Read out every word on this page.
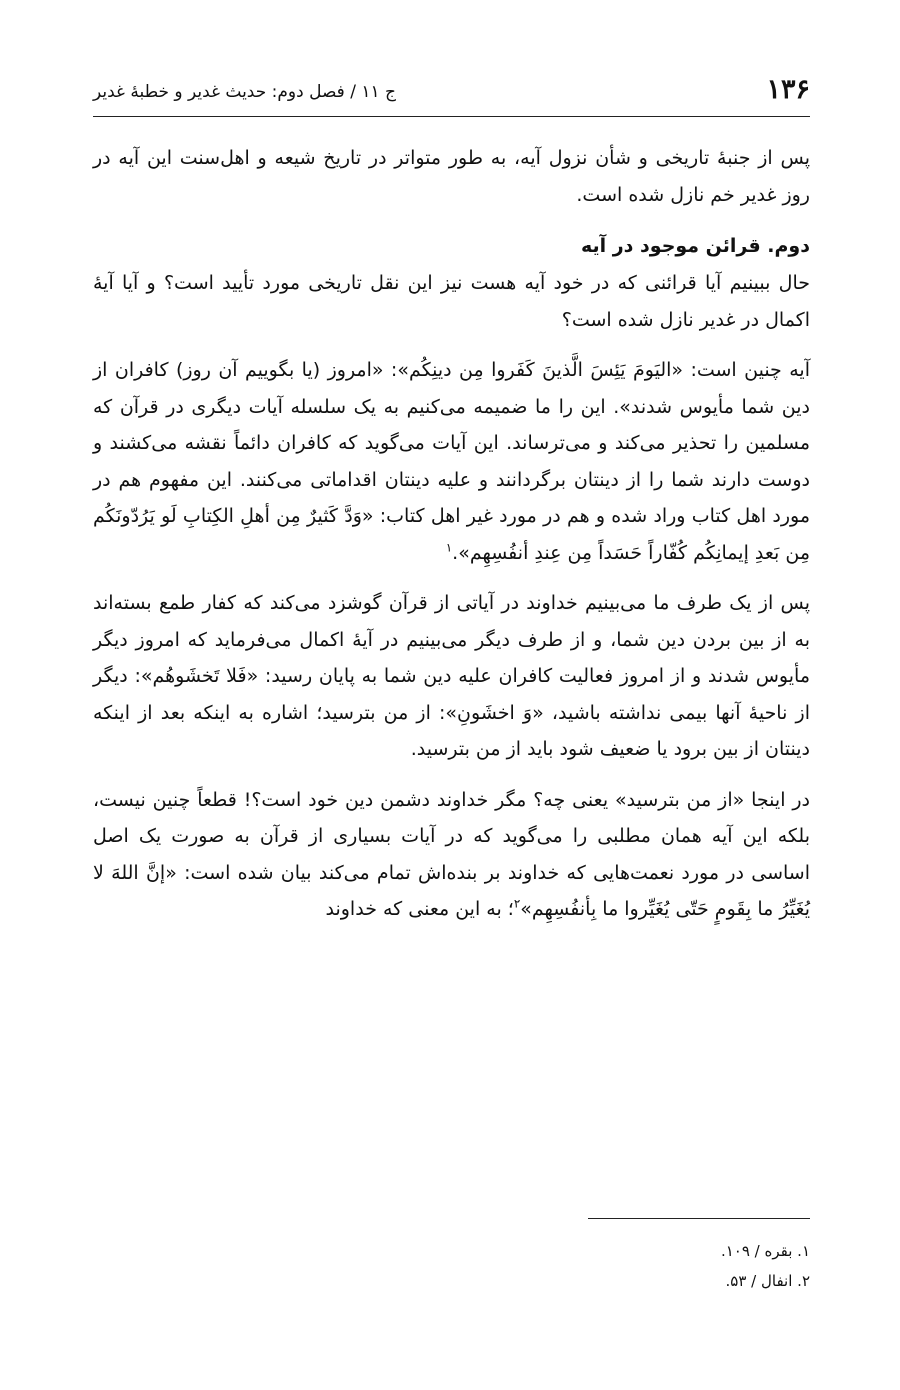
۱۳۶
ج ۱۱ / فصل دوم: حدیث غدیر و خطبهٔ غدیر

پس از جنبهٔ تاریخی و شأن نزول آیه، به طور متواتر در تاریخ شیعه و اهل‌سنت این آیه در روز غدیر خم نازل شده است.

دوم. قرائن موجود در آیه

حال ببینیم آیا قرائنی که در خود آیه هست نیز این نقل تاریخی مورد تأیید است؟ و آیا آیهٔ اکمال در غدیر نازل شده است؟

آیه چنین است: «الیَومَ یَئِسَ الَّذینَ کَفَروا مِن دینِکُم»: «امروز (یا بگوییم آن روز) کافران از دین شما مأیوس شدند». این را ما ضمیمه می‌کنیم به یک سلسله آیات دیگری در قرآن که مسلمین را تحذیر می‌کند و می‌ترساند. این آیات می‌گوید که کافران دائماً نقشه می‌کشند و دوست دارند شما را از دینتان برگردانند و علیه دینتان اقداماتی می‌کنند. این مفهوم هم در مورد اهل کتاب وراد شده و هم در مورد غیر اهل کتاب: «وَدَّ کَثیرٌ مِن أهلِ الکِتابِ لَو یَرُدّونَکُم مِن بَعدِ إیمانِکُم کُفّاراً حَسَداً مِن عِندِ أنفُسِهِم».$^۱$

پس از یک طرف ما می‌بینیم خداوند در آیاتی از قرآن گوشزد می‌کند که کفار طمع بسته‌اند به از بین بردن دین شما، و از طرف دیگر می‌بینیم در آیهٔ اکمال می‌فرماید که امروز دیگر مأیوس شدند و از امروز فعالیت کافران علیه دین شما به پایان رسید: «فَلا تَخشَوهُم»: دیگر از ناحیهٔ آنها بیمی نداشته باشید، «وَ اخشَونِ»: از من بترسید؛ اشاره به اینکه بعد از اینکه دینتان از بین برود یا ضعیف شود باید از من بترسید.

در اینجا «از من بترسید» یعنی چه؟ مگر خداوند دشمن دین خود است؟! قطعاً چنین نیست، بلکه این آیه همان مطلبی را می‌گوید که در آیات بسیاری از قرآن به صورت یک اصل اساسی در مورد نعمت‌هایی که خداوند بر بنده‌اش تمام می‌کند بیان شده است: «إنَّ اللهَ لا یُغَیِّرُ ما بِقَومٍ حَتّی یُغَیِّروا ما بِأنفُسِهِم»$^۲$؛ به این معنی که خداوند

۱. بقره / ۱۰۹.
۲. انفال / ۵۳.
